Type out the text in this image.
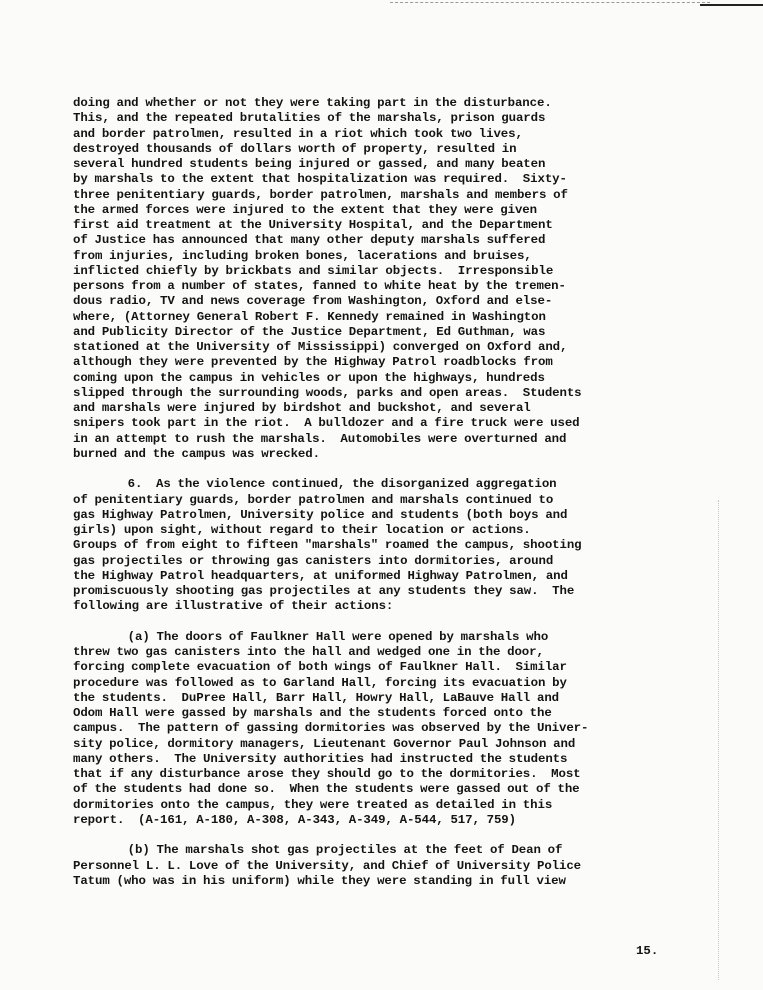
doing and whether or not they were taking part in the disturbance.
This, and the repeated brutalities of the marshals, prison guards
and border patrolmen, resulted in a riot which took two lives,
destroyed thousands of dollars worth of property, resulted in
several hundred students being injured or gassed, and many beaten
by marshals to the extent that hospitalization was required.  Sixty-
three penitentiary guards, border patrolmen, marshals and members of
the armed forces were injured to the extent that they were given
first aid treatment at the University Hospital, and the Department
of Justice has announced that many other deputy marshals suffered
from injuries, including broken bones, lacerations and bruises,
inflicted chiefly by brickbats and similar objects.  Irresponsible
persons from a number of states, fanned to white heat by the tremen-
dous radio, TV and news coverage from Washington, Oxford and else-
where, (Attorney General Robert F. Kennedy remained in Washington
and Publicity Director of the Justice Department, Ed Guthman, was
stationed at the University of Mississippi) converged on Oxford and,
although they were prevented by the Highway Patrol roadblocks from
coming upon the campus in vehicles or upon the highways, hundreds
slipped through the surrounding woods, parks and open areas.  Students
and marshals were injured by birdshot and buckshot, and several
snipers took part in the riot.  A bulldozer and a fire truck were used
in an attempt to rush the marshals.  Automobiles were overturned and
burned and the campus was wrecked.
6.  As the violence continued, the disorganized aggregation
of penitentiary guards, border patrolmen and marshals continued to
gas Highway Patrolmen, University police and students (both boys and
girls) upon sight, without regard to their location or actions.
Groups of from eight to fifteen "marshals" roamed the campus, shooting
gas projectiles or throwing gas canisters into dormitories, around
the Highway Patrol headquarters, at uniformed Highway Patrolmen, and
promiscuously shooting gas projectiles at any students they saw.  The
following are illustrative of their actions:
(a) The doors of Faulkner Hall were opened by marshals who
threw two gas canisters into the hall and wedged one in the door,
forcing complete evacuation of both wings of Faulkner Hall.  Similar
procedure was followed as to Garland Hall, forcing its evacuation by
the students.  DuPree Hall, Barr Hall, Howry Hall, LaBauve Hall and
Odom Hall were gassed by marshals and the students forced onto the
campus.  The pattern of gassing dormitories was observed by the Univer-
sity police, dormitory managers, Lieutenant Governor Paul Johnson and
many others.  The University authorities had instructed the students
that if any disturbance arose they should go to the dormitories.  Most
of the students had done so.  When the students were gassed out of the
dormitories onto the campus, they were treated as detailed in this
report.  (A-161, A-180, A-308, A-343, A-349, A-544, 517, 759)
(b) The marshals shot gas projectiles at the feet of Dean of
Personnel L. L. Love of the University, and Chief of University Police
Tatum (who was in his uniform) while they were standing in full view
15.
